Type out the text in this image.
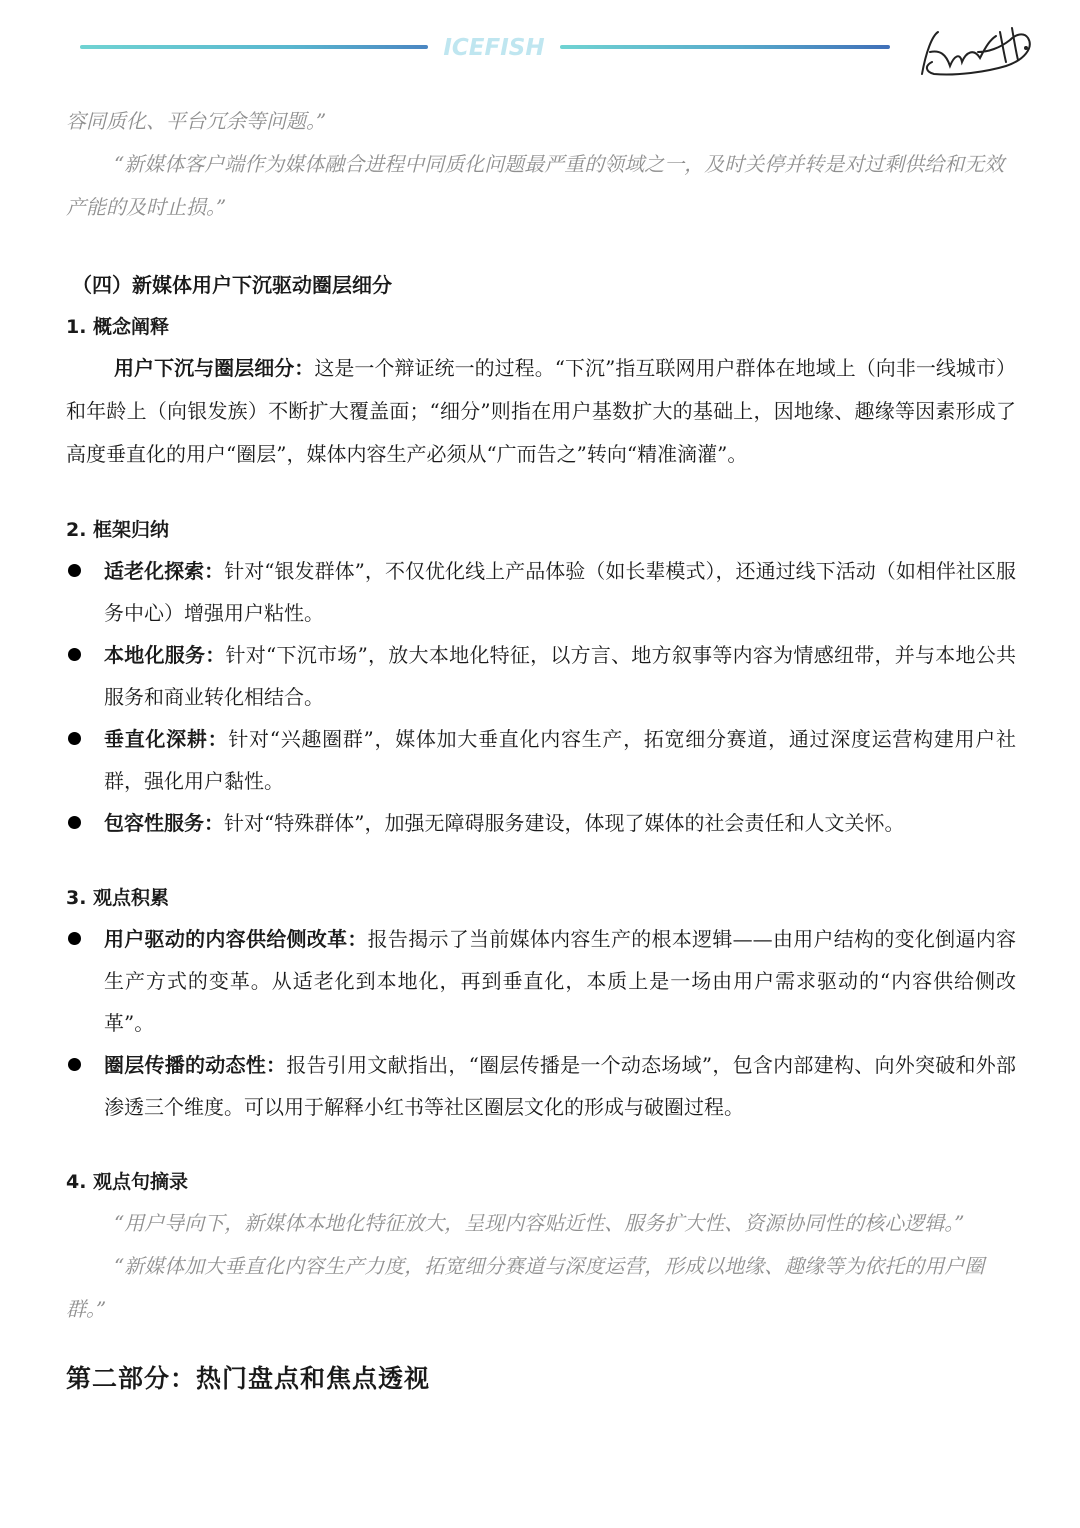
ICEFISH

容同质化、平台冗余等问题。”

“新媒体客户端作为媒体融合进程中同质化问题最严重的领域之一，及时关停并转是对过剩供给和无效产能的及时止损。”

（四）新媒体用户下沉驱动圈层细分

1. 概念阐释

用户下沉与圈层细分：这是一个辩证统一的过程。“下沉”指互联网用户群体在地域上（向非一线城市）和年龄上（向银发族）不断扩大覆盖面；“细分”则指在用户基数扩大的基础上，因地缘、趣缘等因素形成了高度垂直化的用户“圈层”，媒体内容生产必须从“广而告之”转向“精准滴灌”。

2. 框架归纳

适老化探索：针对“银发群体”，不仅优化线上产品体验（如长辈模式），还通过线下活动（如相伴社区服务中心）增强用户粘性。
本地化服务：针对“下沉市场”，放大本地化特征，以方言、地方叙事等内容为情感纽带，并与本地公共服务和商业转化相结合。
垂直化深耕：针对“兴趣圈群”，媒体加大垂直化内容生产，拓宽细分赛道，通过深度运营构建用户社群，强化用户黏性。
包容性服务：针对“特殊群体”，加强无障碍服务建设，体现了媒体的社会责任和人文关怀。

3. 观点积累

用户驱动的内容供给侧改革：报告揭示了当前媒体内容生产的根本逻辑——由用户结构的变化倒逼内容生产方式的变革。从适老化到本地化，再到垂直化，本质上是一场由用户需求驱动的“内容供给侧改革”。
圈层传播的动态性：报告引用文献指出，“圈层传播是一个动态场域”，包含内部建构、向外突破和外部渗透三个维度。可以用于解释小红书等社区圈层文化的形成与破圈过程。

4. 观点句摘录

“用户导向下，新媒体本地化特征放大，呈现内容贴近性、服务扩大性、资源协同性的核心逻辑。”

“新媒体加大垂直化内容生产力度，拓宽细分赛道与深度运营，形成以地缘、趣缘等为依托的用户圈群。”

第二部分：热门盘点和焦点透视
